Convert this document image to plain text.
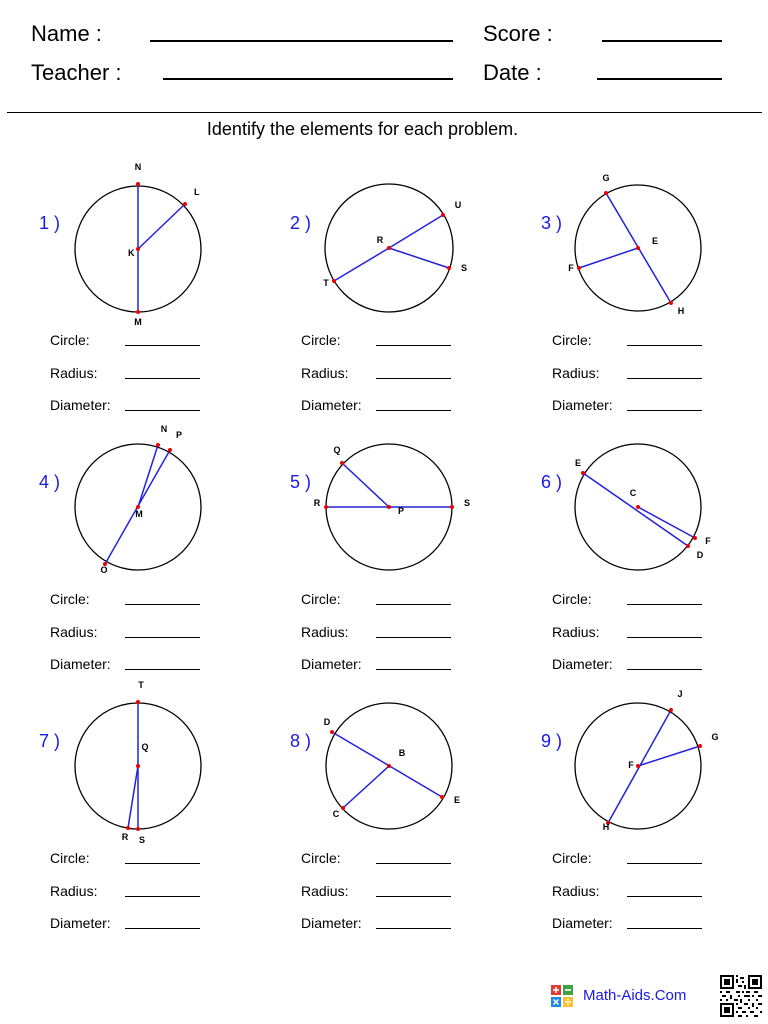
Name :
Teacher :
Score :
Date :
Identify the elements for each problem.
1 )
N
L
K
M
Circle:
Radius:
Diameter:
2 )
R
U
S
T
Circle:
Radius:
Diameter:
3 )
G
E
F
H
Circle:
Radius:
Diameter:
4 )
N
P
M
O
Circle:
Radius:
Diameter:
5 )
Q
R
P
S
Circle:
Radius:
Diameter:
6 )
E
C
F
D
Circle:
Radius:
Diameter:
7 )
T
Q
R S
Circle:
Radius:
Diameter:
8 )
D
B
E
C
Circle:
Radius:
Diameter:
9 )
J
G
F
H
Circle:
Radius:
Diameter:
Math-Aids.Com
